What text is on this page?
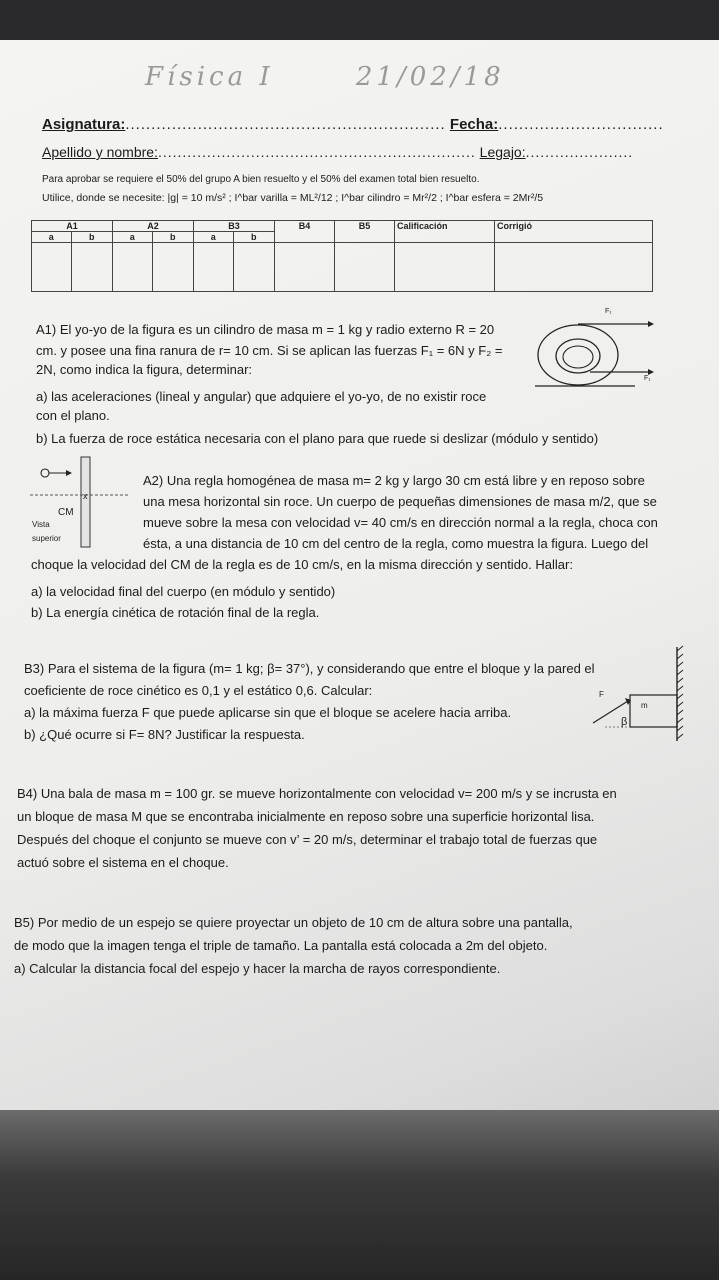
Física I	21/02/18
Asignatura:.............................................................. Fecha:................................
Apellido y nombre:................................................................. Legajo:......................
Para aprobar se requiere el 50% del grupo A bien resuelto y el 50% del examen total bien resuelto.
Utilice, donde se necesite: |g| = 10 m/s² ; I^bar varilla = ML²/12 ; I^bar cilindro = Mr²/2 ; I^bar esfera = 2Mr²/5
A1		A2		B3		B4	B5	Calificación	Corrigió
a	b	a	b	a	b				

A1) El yo-yo de la figura es un cilindro de masa m = 1 kg y radio externo R = 20
cm. y posee una fina ranura de r= 10 cm. Si se aplican las fuerzas F₁ = 6N y F₂ =
2N, como indica la figura, determinar:
a) las aceleraciones (lineal y angular) que adquiere el yo-yo, de no existir roce
con el plano.
b) La fuerza de roce estática necesaria con el plano para que ruede si deslizar (módulo y sentido)
F₁
F₁
A2) Una regla homogénea de masa m= 2 kg y largo 30 cm está libre y en reposo sobre
una mesa horizontal sin roce. Un cuerpo de pequeñas dimensiones de masa m/2, que se
mueve sobre la mesa con velocidad v= 40 cm/s en dirección normal a la regla, choca con
ésta, a una distancia de 10 cm del centro de la regla, como muestra la figura. Luego del
choque la velocidad del CM de la regla es de 10 cm/s, en la misma dirección y sentido. Hallar:
a) la velocidad final del cuerpo (en módulo y sentido)
b) La energía cinética de rotación final de la regla.
x
CM
Vista
superior
B3) Para el sistema de la figura (m= 1 kg; β= 37°), y considerando que entre el bloque y la pared el
coeficiente de roce cinético es 0,1 y el estático 0,6. Calcular:
a) la máxima fuerza F que puede aplicarse sin que el bloque se acelere hacia arriba.
b) ¿Qué ocurre si F= 8N? Justificar la respuesta.
F
m
β
B4) Una bala de masa m = 100 gr. se mueve horizontalmente con velocidad v= 200 m/s y se incrusta en
un bloque de masa M que se encontraba inicialmente en reposo sobre una superficie horizontal lisa.
Después del choque el conjunto se mueve con v’ = 20 m/s, determinar el trabajo total de fuerzas que
actuó sobre el sistema en el choque.
B5) Por medio de un espejo se quiere proyectar un objeto de 10 cm de altura sobre una pantalla,
de modo que la imagen tenga el triple de tamaño. La pantalla está colocada a 2m del objeto.
a) Calcular la distancia focal del espejo y hacer la marcha de rayos correspondiente.
